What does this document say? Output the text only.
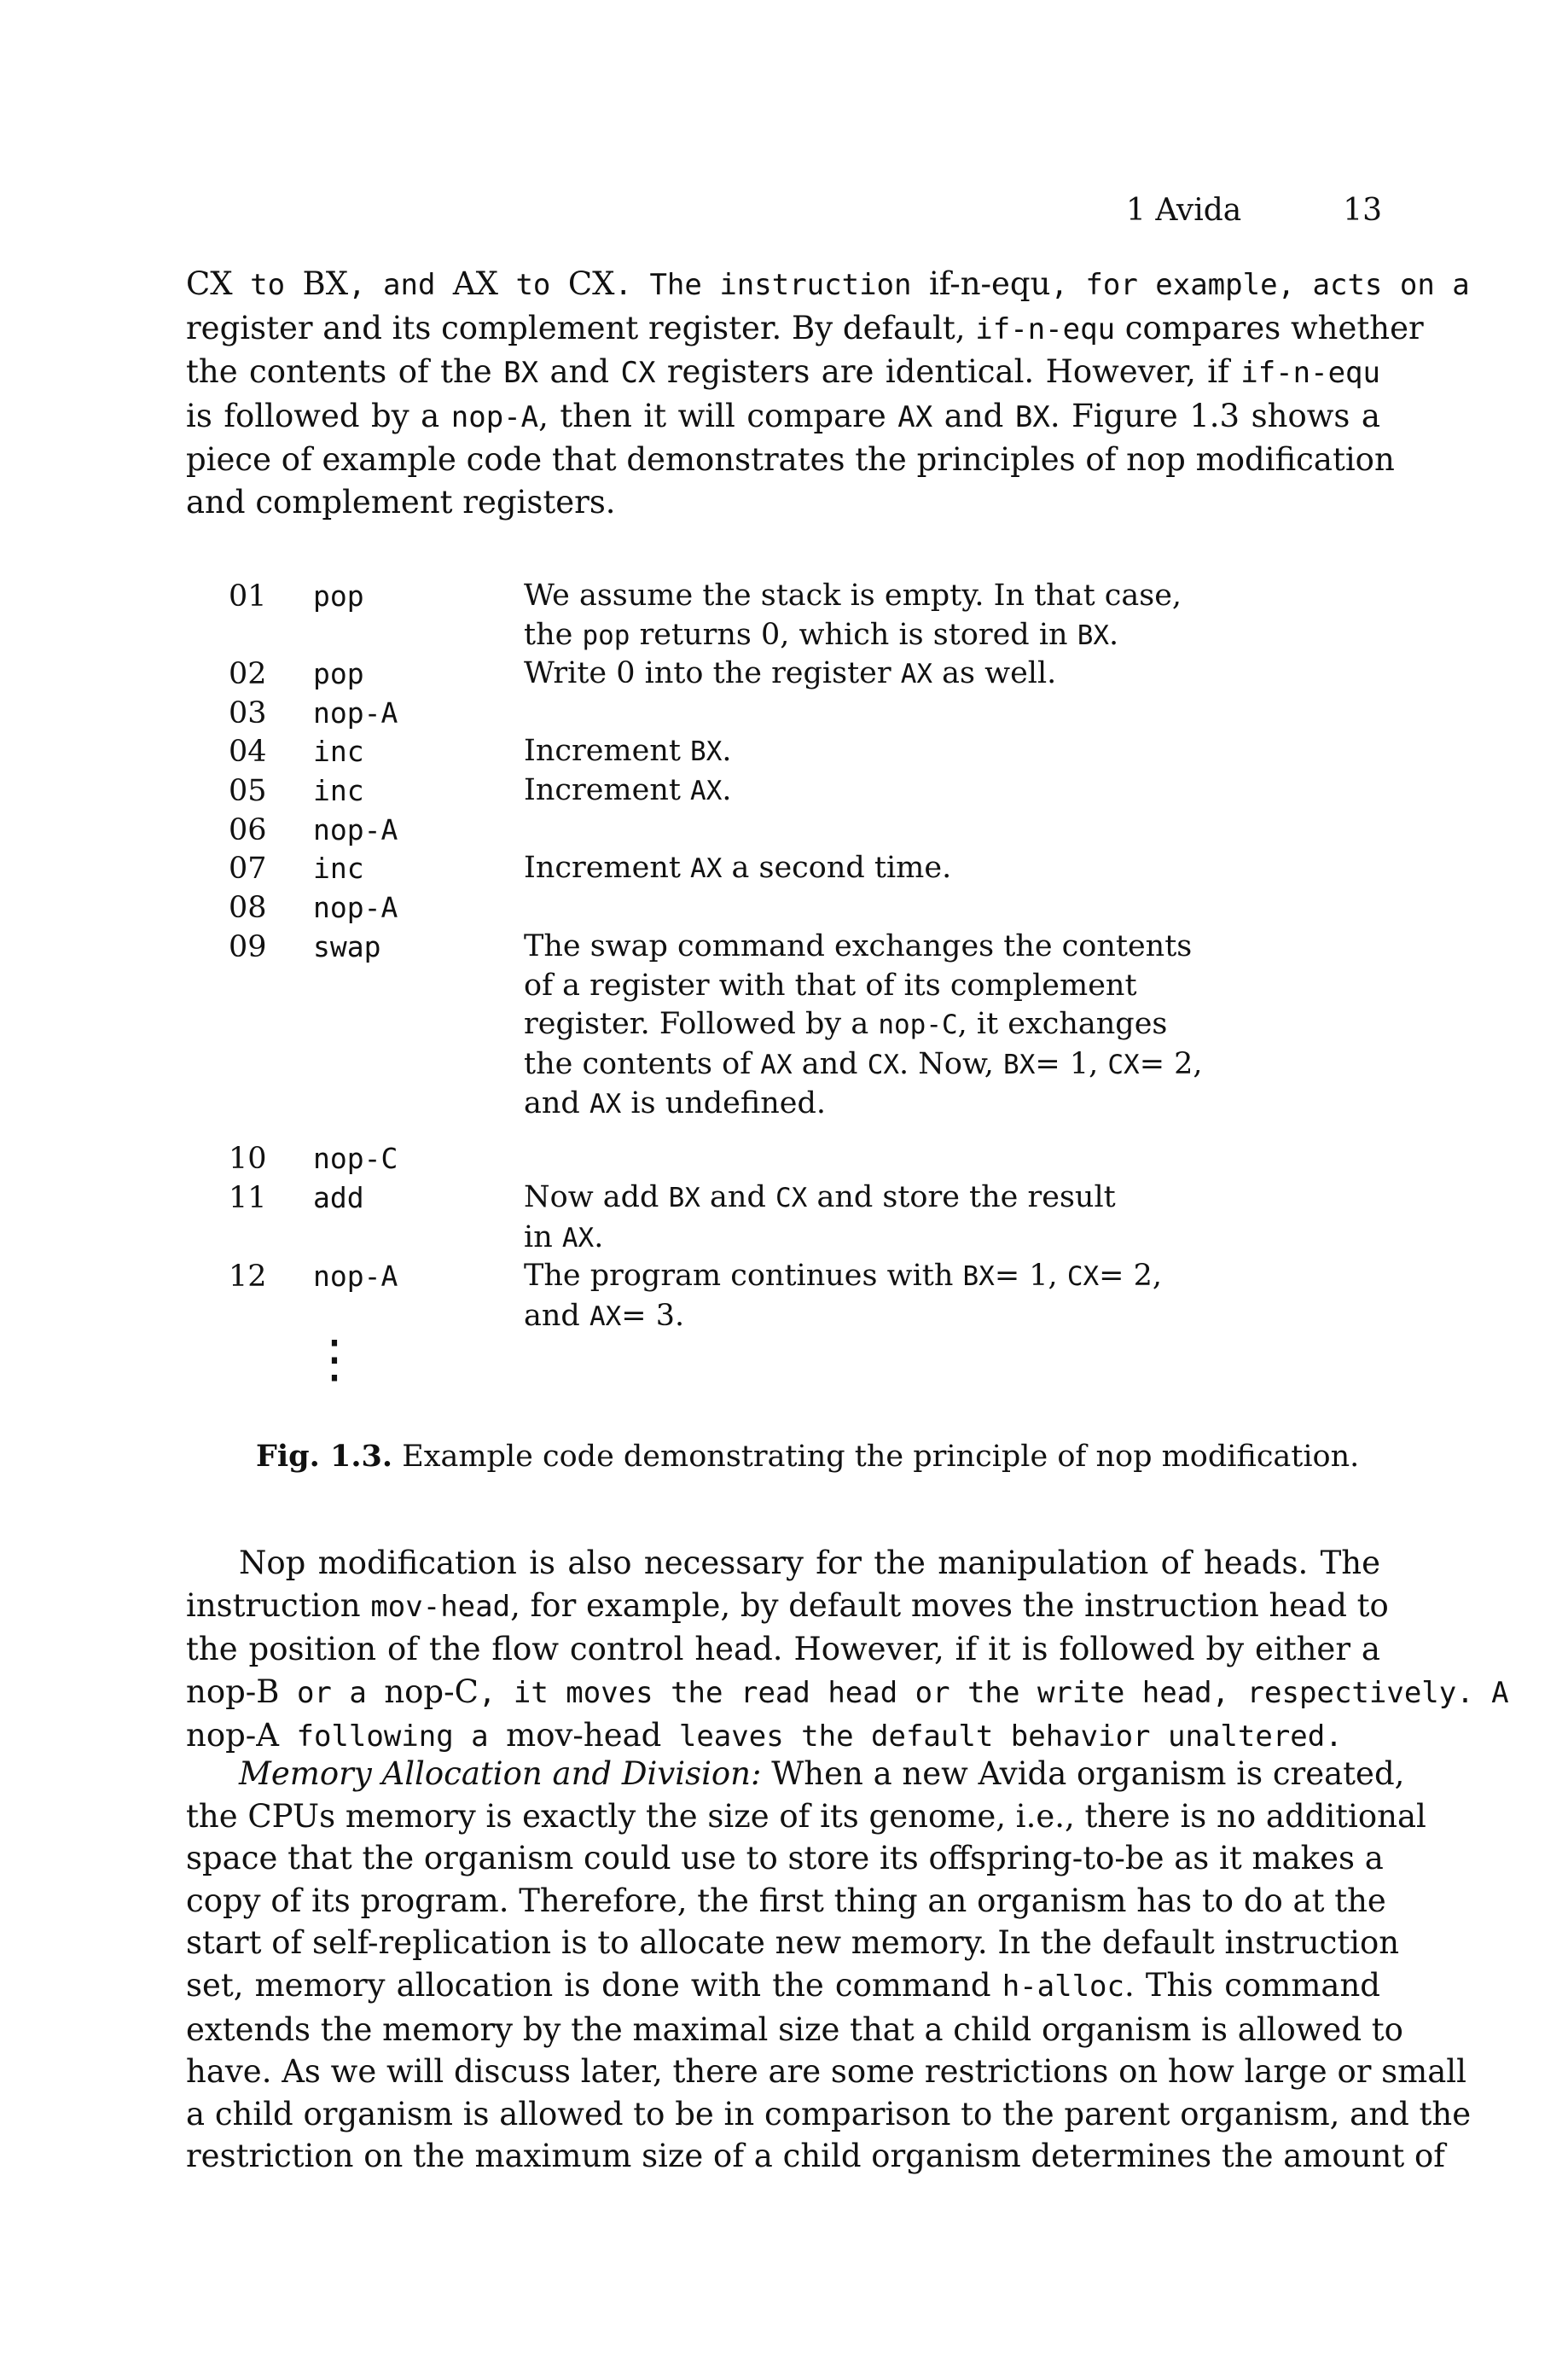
1 Avida	13
CX to BX, and AX to CX. The instruction if-n-equ, for example, acts on a
register and its complement register. By default, if-n-equ compares whether
the contents of the BX and CX registers are identical. However, if if-n-equ
is followed by a nop-A, then it will compare AX and BX. Figure 1.3 shows a
piece of example code that demonstrates the principles of nop modification
and complement registers.
01 pop	We assume the stack is empty. In that case,
the pop returns 0, which is stored in BX.
02 pop	Write 0 into the register AX as well.
03 nop-A
04 inc	Increment BX.
05 inc	Increment AX.
06 nop-A
07 inc	Increment AX a second time.
08 nop-A
09 swap	The swap command exchanges the contents
of a register with that of its complement
register. Followed by a nop-C, it exchanges
the contents of AX and CX. Now, BX= 1, CX= 2,
and AX is undefined.
10 nop-C
11 add	Now add BX and CX and store the result
in AX.
12 nop-A	The program continues with BX= 1, CX= 2,
and AX= 3.
⋮
Fig. 1.3. Example code demonstrating the principle of nop modification.
Nop modification is also necessary for the manipulation of heads. The
instruction mov-head, for example, by default moves the instruction head to
the position of the flow control head. However, if it is followed by either a
nop-B or a nop-C, it moves the read head or the write head, respectively. A
nop-A following a mov-head leaves the default behavior unaltered.
Memory Allocation and Division: When a new Avida organism is created,
the CPUs memory is exactly the size of its genome, i.e., there is no additional
space that the organism could use to store its offspring-to-be as it makes a
copy of its program. Therefore, the first thing an organism has to do at the
start of self-replication is to allocate new memory. In the default instruction
set, memory allocation is done with the command h-alloc. This command
extends the memory by the maximal size that a child organism is allowed to
have. As we will discuss later, there are some restrictions on how large or small
a child organism is allowed to be in comparison to the parent organism, and the
restriction on the maximum size of a child organism determines the amount of
